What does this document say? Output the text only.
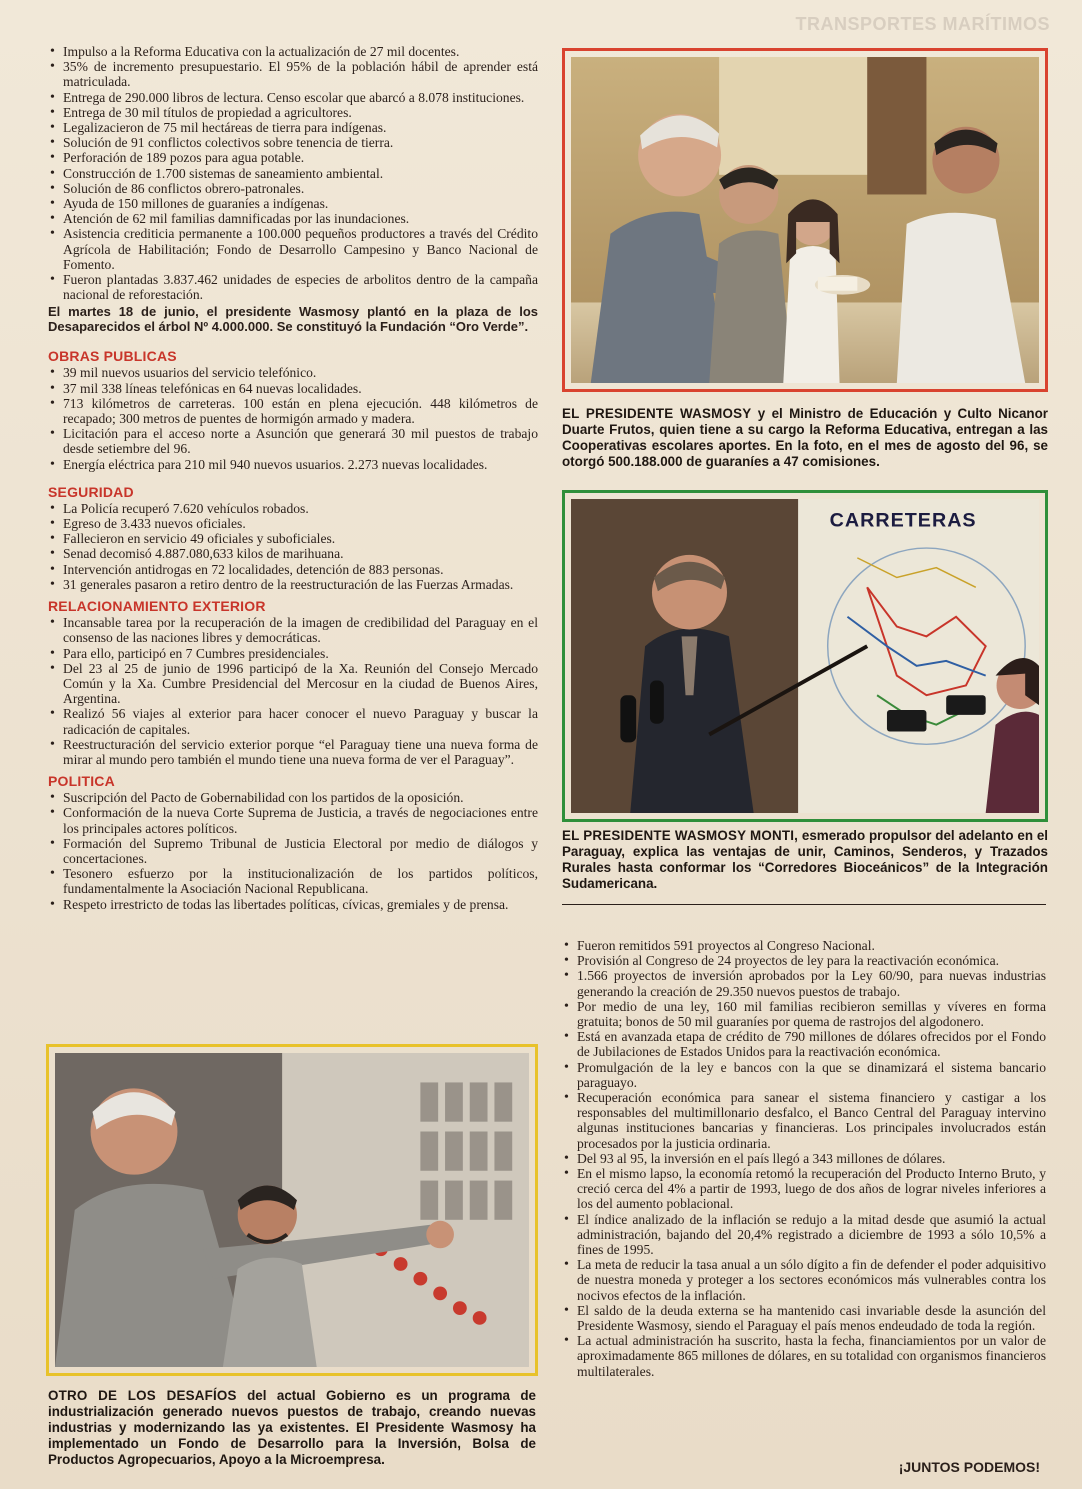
TRANSPORTES MARÍTIMOS
• Impulso a la Reforma Educativa con la actualización de 27 mil docentes.
• 35% de incremento presupuestario. El 95% de la población hábil de aprender está matriculada.
• Entrega de 290.000 libros de lectura. Censo escolar que abarcó a 8.078 instituciones.
• Entrega de 30 mil títulos de propiedad a agricultores.
• Legalizacieron de 75 mil hectáreas de tierra para indígenas.
• Solución de 91 conflictos colectivos sobre tenencia de tierra.
• Perforación de 189 pozos para agua potable.
• Construcción de 1.700 sistemas de saneamiento ambiental.
• Solución de 86 conflictos obrero-patronales.
• Ayuda de 150 millones de guaraníes a indígenas.
• Atención de 62 mil familias damnificadas por las inundaciones.
• Asistencia crediticia permanente a 100.000 pequeños productores a través del Crédito Agrícola de Habilitación; Fondo de Desarrollo Campesino y Banco Nacional de Fomento.
• Fueron plantadas 3.837.462 unidades de especies de arbolitos dentro de la campaña nacional de reforestación.

El martes 18 de junio, el presidente Wasmosy plantó en la plaza de los Desaparecidos el árbol Nº 4.000.000. Se constituyó la Fundación “Oro Verde”.

OBRAS PUBLICAS
• 39 mil nuevos usuarios del servicio telefónico.
• 37 mil 338 líneas telefónicas en 64 nuevas localidades.
• 713 kilómetros de carreteras. 100 están en plena ejecución. 448 kilómetros de recapado; 300 metros de puentes de hormigón armado y madera.
• Licitación para el acceso norte a Asunción que generará 30 mil puestos de trabajo desde setiembre del 96.
• Energía eléctrica para 210 mil 940 nuevos usuarios. 2.273 nuevas localidades.
SEGURIDAD
• La Policía recuperó 7.620 vehículos robados.
• Egreso de 3.433 nuevos oficiales.
• Fallecieron en servicio 49 oficiales y suboficiales.
• Senad decomisó 4.887.080,633 kilos de marihuana.
• Intervención antidrogas en 72 localidades, detención de 883 personas.
• 31 generales pasaron a retiro dentro de la reestructuración de las Fuerzas Armadas.
RELACIONAMIENTO EXTERIOR
• Incansable tarea por la recuperación de la imagen de credibilidad del Paraguay en el consenso de las naciones libres y democráticas.
• Para ello, participó en 7 Cumbres presidenciales.
• Del 23 al 25 de junio de 1996 participó de la Xa. Reunión del Consejo Mercado Común y la Xa. Cumbre Presidencial del Mercosur en la ciudad de Buenos Aires, Argentina.
• Realizó 56 viajes al exterior para hacer conocer el nuevo Paraguay y buscar la radicación de capitales.
• Reestructuración del servicio exterior porque “el Paraguay tiene una nueva forma de mirar al mundo pero también el mundo tiene una nueva forma de ver el Paraguay”.
POLITICA
• Suscripción del Pacto de Gobernabilidad con los partidos de la oposición.
• Conformación de la nueva Corte Suprema de Justicia, a través de negociaciones entre los principales actores políticos.
• Formación del Supremo Tribunal de Justicia Electoral por medio de diálogos y concertaciones.
• Tesonero esfuerzo por la institucionalización de los partidos políticos, fundamentalmente la Asociación Nacional Republicana.
• Respeto irrestricto de todas las libertades políticas, cívicas, gremiales y de prensa.
EL PRESIDENTE WASMOSY y el Ministro de Educación y Culto Nicanor Duarte Frutos, quien tiene a su cargo la Reforma Educativa, entregan a las Cooperativas escolares aportes. En la foto, en el mes de agosto del 96, se otorgó 500.188.000 de guaraníes a 47 comisiones.
CARRETERAS
EL PRESIDENTE WASMOSY MONTI, esmerado propulsor del adelanto en el Paraguay, explica las ventajas de unir, Caminos, Senderos, y Trazados Rurales hasta conformar los “Corredores Bioceánicos” de la Integración Sudamericana.
• Fueron remitidos 591 proyectos al Congreso Nacional.
• Provisión al Congreso de 24 proyectos de ley para la reactivación económica.
• 1.566 proyectos de inversión aprobados por la Ley 60/90, para nuevas industrias generando la creación de 29.350 nuevos puestos de trabajo.
• Por medio de una ley, 160 mil familias recibieron semillas y víveres en forma gratuita; bonos de 50 mil guaraníes por quema de rastrojos del algodonero.
• Está en avanzada etapa de crédito de 790 millones de dólares ofrecidos por el Fondo de Jubilaciones de Estados Unidos para la reactivación económica.
• Promulgación de la ley e bancos con la que se dinamizará el sistema bancario paraguayo.
• Recuperación económica para sanear el sistema financiero y castigar a los responsables del multimillonario desfalco, el Banco Central del Paraguay intervino algunas instituciones bancarias y financieras. Los principales involucrados están procesados por la justicia ordinaria.
• Del 93 al 95, la inversión en el país llegó a 343 millones de dólares.
• En el mismo lapso, la economía retomó la recuperación del Producto Interno Bruto, y creció cerca del 4% a partir de 1993, luego de dos años de lograr niveles inferiores a los del aumento poblacional.
• El índice analizado de la inflación se redujo a la mitad desde que asumió la actual administración, bajando del 20,4% registrado a diciembre de 1993 a sólo 10,5% a fines de 1995.
• La meta de reducir la tasa anual a un sólo dígito a fin de defender el poder adquisitivo de nuestra moneda y proteger a los sectores económicos más vulnerables contra los nocivos efectos de la inflación.
• El saldo de la deuda externa se ha mantenido casi invariable desde la asunción del Presidente Wasmosy, siendo el Paraguay el país menos endeudado de toda la región.
• La actual administración ha suscrito, hasta la fecha, financiamientos por un valor de aproximadamente 865 millones de dólares, en su totalidad con organismos financieros multilaterales.
OTRO DE LOS DESAFÍOS del actual Gobierno es un programa de industrialización generado nuevos puestos de trabajo, creando nuevas industrias y modernizando las ya existentes. El Presidente Wasmosy ha implementado un Fondo de Desarrollo para la Inversión, Bolsa de Productos Agropecuarios, Apoyo a la Microempresa.	¡JUNTOS PODEMOS!
